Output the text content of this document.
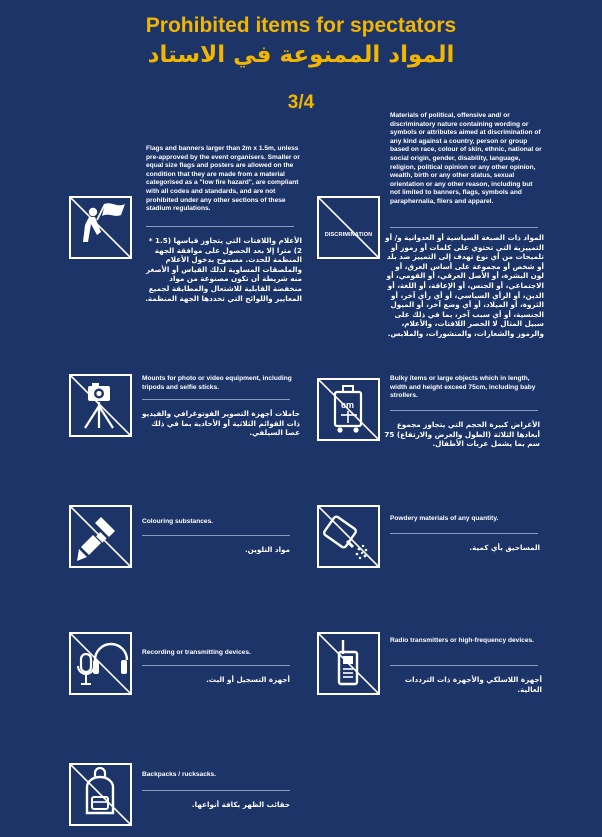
Prohibited items for spectators
المواد الممنوعة في الاستاد
3/4
Flags and banners larger than 2m x 1.5m, unless pre-approved by the event organisers. Smaller or equal size flags and posters are allowed on the condition that they are made from a material categorised as a "low fire hazard", are compliant with all codes and standards, and are not prohibited under any other sections of these stadium regulations.
الأعلام واللافتات التي يتجاوز قياسها (1.5 * 2) مترا إلا بعد الحصول على موافقة الجهة المنظمة للحدث. مسموح بدخول الأعلام والملصقات المساوية لذلك القياس أو الأصغر منه شريطة أن تكون مصنوعة من مواد منخفضة القابلية للاشتعال والمطابقة لجميع المعايير واللوائح التي تحددها الجهة المنظمة.
DISCRIMINATION
Materials of political, offensive and/ or discriminatory nature containing wording or symbols or attributes aimed at discrimination of any kind against a country, person or group based on race, colour of skin, ethnic, national or social origin, gender, disability, language, religion, political opinion or any other opinion, wealth, birth or any other status, sexual orientation or any other reason, including but not limited to banners, flags, symbols and paraphernalia, fliers and apparel.
المواد ذات الصبغة السياسية أو العدوانية و/ أو التمييزية التي تحتوي على كلمات أو رموز أو تلميحات من أي نوع تهدف إلى التمييز ضد بلد أو شخص أو مجموعة على أساس العرق، أو لون البشرة، أو الأصل العرقي، أو القومي، أو الاجتماعي، أو الجنس، أو الإعاقة، أو اللغة، أو الدين، أو الرأي السياسي، أو أي رأي آخر، أو الثروة، أو الميلاد، أو أي وضع آخر، أو الميول الجنسية، أو أي سبب آخر، بما في ذلك على سبيل المثال لا الحصر اللافتات، والأعلام، والرموز والشعارات، والمنشورات، والملابس.
Mounts for photo or video equipment, including tripods and selfie sticks.
حاملات أجهزة التصوير الفوتوغرافي والفيديو ذات القوائم الثلاثية أو الأحادية بما في ذلك عصا السيلفي.
cm
Bulky items or large objects which in length, width and height exceed 75cm, including baby strollers.
الأغراض كبيرة الحجم التي يتجاوز مجموع أبعادها الثلاثة (الطول والعرض والارتفاع) 75 سم بما يشمل عربات الأطفال.
Colouring substances.
مواد التلوين.
Powdery materials of any quantity.
المساحيق بأي كمية.
Recording or transmitting devices.
أجهزة التسجيل أو البث.
Radio transmitters or high-frequency devices.
أجهزة اللاسلكي والأجهزة ذات الترددات العالية.
Backpacks / rucksacks.
حقائب الظهر بكافة أنواعها.
